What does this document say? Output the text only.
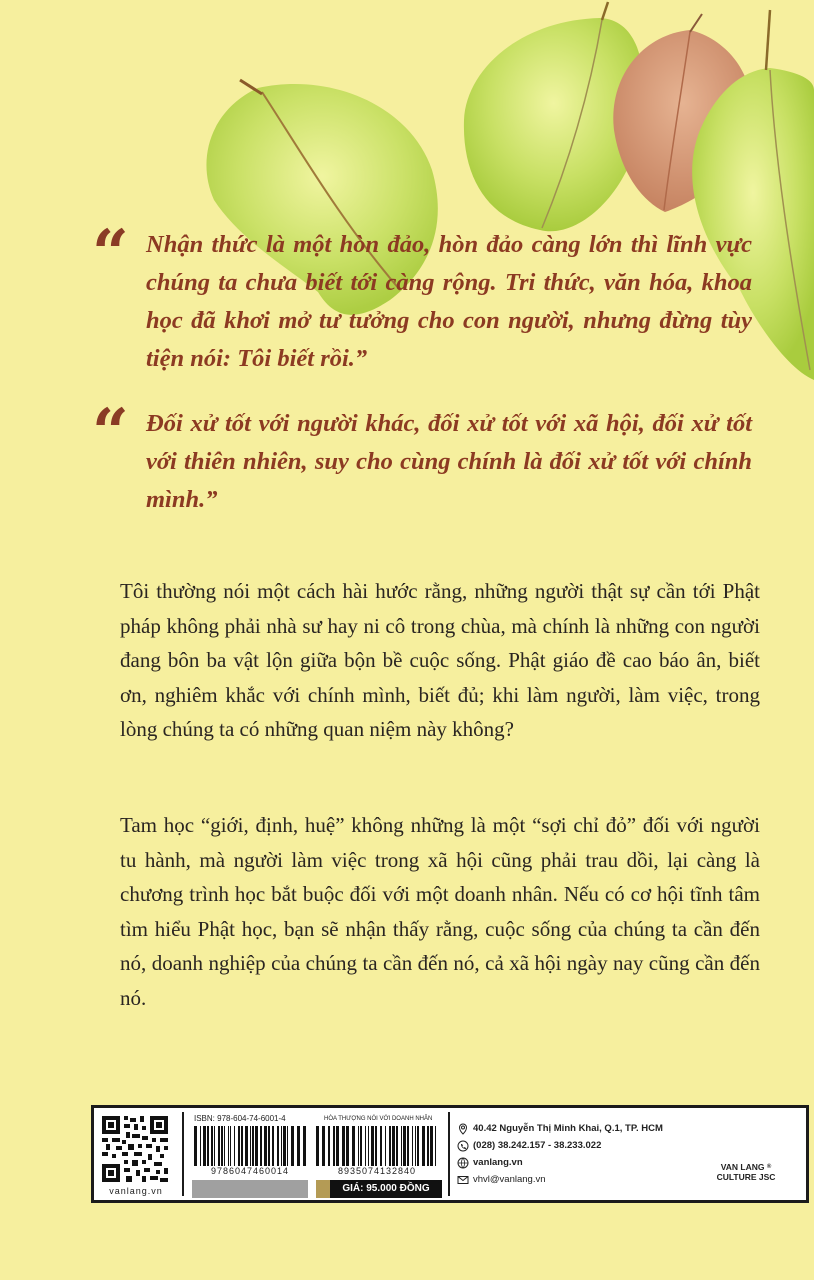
“ Nhận thức là một hòn đảo, hòn đảo càng lớn thì lĩnh vực chúng ta chưa biết tới càng rộng. Tri thức, văn hóa, khoa học đã khơi mở tư tưởng cho con người, nhưng đừng tùy tiện nói: Tôi biết rồi.”
“ Đối xử tốt với người khác, đối xử tốt với xã hội, đối xử tốt với thiên nhiên, suy cho cùng chính là đối xử tốt với chính mình.”

Tôi thường nói một cách hài hước rằng, những người thật sự cần tới Phật pháp không phải nhà sư hay ni cô trong chùa, mà chính là những con người đang bôn ba vật lộn giữa bộn bề cuộc sống. Phật giáo đề cao báo ân, biết ơn, nghiêm khắc với chính mình, biết đủ; khi làm người, làm việc, trong lòng chúng ta có những quan niệm này không?

Tam học “giới, định, huệ” không những là một “sợi chỉ đỏ” đối với người tu hành, mà người làm việc trong xã hội cũng phải trau dồi, lại càng là chương trình học bắt buộc đối với một doanh nhân. Nếu có cơ hội tĩnh tâm tìm hiểu Phật học, bạn sẽ nhận thấy rằng, cuộc sống của chúng ta cần đến nó, doanh nghiệp của chúng ta cần đến nó, cả xã hội ngày nay cũng cần đến nó.

vanlang.vn
ISBN: 978-604-74-6001-4	HÒA THƯỢNG NÓI VỚI DOANH NHÂN
9786047460014	8935074132840
GIÁ: 95.000 ĐỒNG
40.42 Nguyễn Thị Minh Khai, Q.1, TP. HCM
(028) 38.242.157 - 38.233.022
vanlang.vn
vhvl@vanlang.vn
VAN LANG ®
CULTURE JSC
